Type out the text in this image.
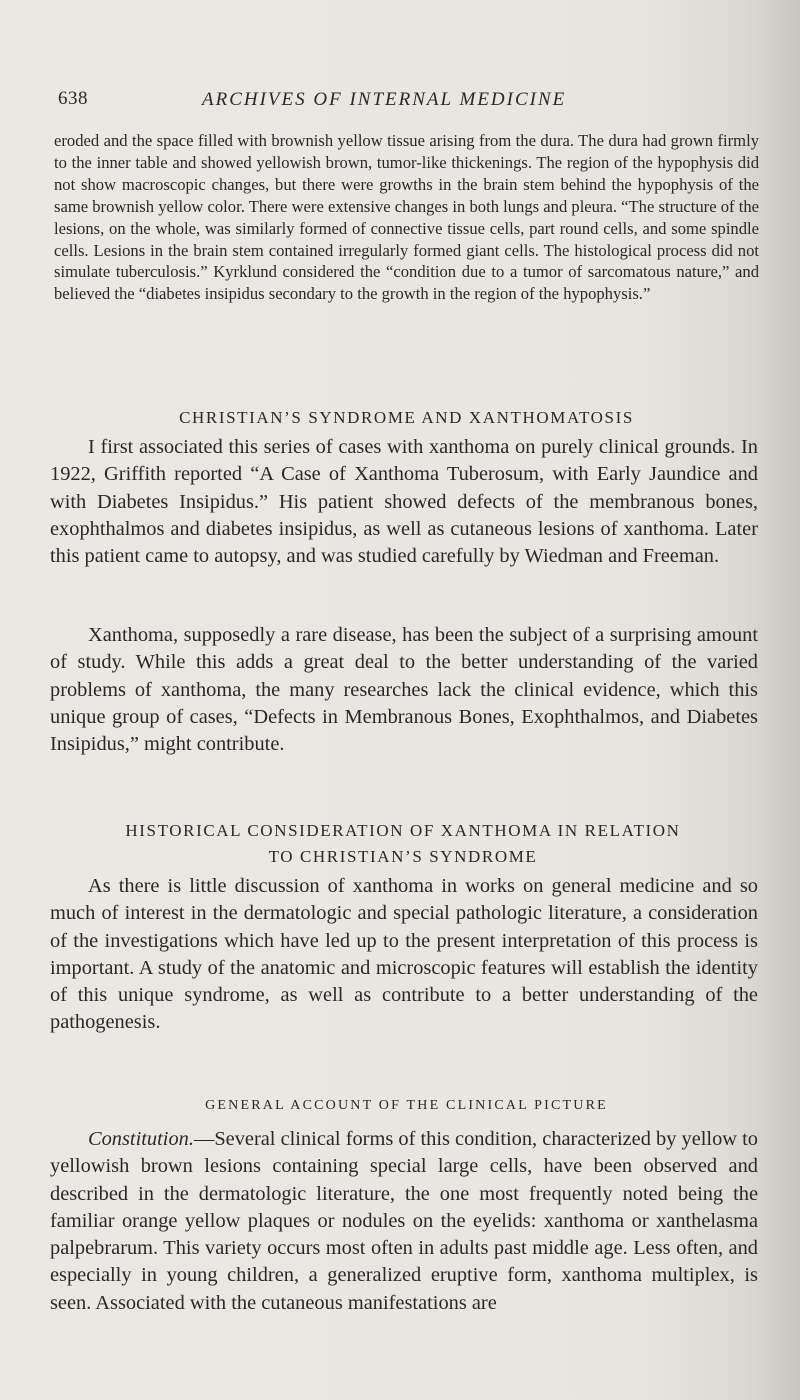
638	ARCHIVES OF INTERNAL MEDICINE

eroded and the space filled with brownish yellow tissue arising from the dura. The dura had grown firmly to the inner table and showed yellowish brown, tumor-like thickenings. The region of the hypophysis did not show macroscopic changes, but there were growths in the brain stem behind the hypophysis of the same brownish yellow color. There were extensive changes in both lungs and pleura. “The structure of the lesions, on the whole, was similarly formed of connective tissue cells, part round cells, and some spindle cells. Lesions in the brain stem contained irregularly formed giant cells. The histological process did not simulate tuberculosis.” Kyrklund considered the “condition due to a tumor of sarcomatous nature,” and believed the “diabetes insipidus secondary to the growth in the region of the hypophysis.”

CHRISTIAN’S SYNDROME AND XANTHOMATOSIS

I first associated this series of cases with xanthoma on purely clinical grounds. In 1922, Griffith reported “A Case of Xanthoma Tuberosum, with Early Jaundice and with Diabetes Insipidus.” His patient showed defects of the membranous bones, exophthalmos and diabetes insipidus, as well as cutaneous lesions of xanthoma. Later this patient came to autopsy, and was studied carefully by Wiedman and Freeman.

Xanthoma, supposedly a rare disease, has been the subject of a surprising amount of study. While this adds a great deal to the better understanding of the varied problems of xanthoma, the many researches lack the clinical evidence, which this unique group of cases, “Defects in Membranous Bones, Exophthalmos, and Diabetes Insipidus,” might contribute.

HISTORICAL CONSIDERATION OF XANTHOMA IN RELATION
TO CHRISTIAN’S SYNDROME

As there is little discussion of xanthoma in works on general medicine and so much of interest in the dermatologic and special pathologic literature, a consideration of the investigations which have led up to the present interpretation of this process is important. A study of the anatomic and microscopic features will establish the identity of this unique syndrome, as well as contribute to a better understanding of the pathogenesis.

GENERAL ACCOUNT OF THE CLINICAL PICTURE

Constitution.—Several clinical forms of this condition, characterized by yellow to yellowish brown lesions containing special large cells, have been observed and described in the dermatologic literature, the one most frequently noted being the familiar orange yellow plaques or nodules on the eyelids: xanthoma or xanthelasma palpebrarum. This variety occurs most often in adults past middle age. Less often, and especially in young children, a generalized eruptive form, xanthoma multiplex, is seen. Associated with the cutaneous manifestations are
